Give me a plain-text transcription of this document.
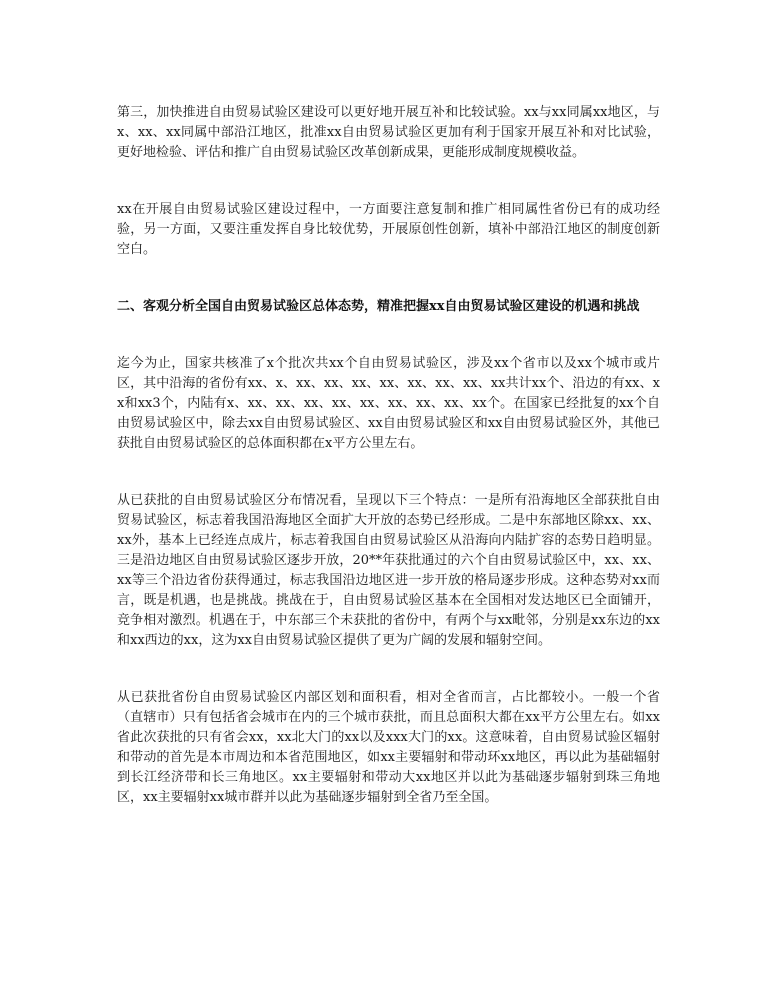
第三，加快推进自由贸易试验区建设可以更好地开展互补和比较试验。xx与xx同属xx地区，与x、xx、xx同属中部沿江地区，批准xx自由贸易试验区更加有利于国家开展互补和对比试验，更好地检验、评估和推广自由贸易试验区改革创新成果，更能形成制度规模收益。

xx在开展自由贸易试验区建设过程中，一方面要注意复制和推广相同属性省份已有的成功经验，另一方面，又要注重发挥自身比较优势，开展原创性创新，填补中部沿江地区的制度创新空白。

二、客观分析全国自由贸易试验区总体态势，精准把握xx自由贸易试验区建设的机遇和挑战

迄今为止，国家共核准了x个批次共xx个自由贸易试验区，涉及xx个省市以及xx个城市或片区，其中沿海的省份有xx、x、xx、xx、xx、xx、xx、xx、xx、xx共计xx个、沿边的有xx、xx和xx3个，内陆有x、xx、xx、xx、xx、xx、xx、xx、xx、xx个。在国家已经批复的xx个自由贸易试验区中，除去xx自由贸易试验区、xx自由贸易试验区和xx自由贸易试验区外，其他已获批自由贸易试验区的总体面积都在x平方公里左右。

从已获批的自由贸易试验区分布情况看，呈现以下三个特点：一是所有沿海地区全部获批自由贸易试验区，标志着我国沿海地区全面扩大开放的态势已经形成。二是中东部地区除xx、xx、xx外，基本上已经连点成片，标志着我国自由贸易试验区从沿海向内陆扩容的态势日趋明显。三是沿边地区自由贸易试验区逐步开放，20**年获批通过的六个自由贸易试验区中，xx、xx、xx等三个沿边省份获得通过，标志我国沿边地区进一步开放的格局逐步形成。这种态势对xx而言，既是机遇，也是挑战。挑战在于，自由贸易试验区基本在全国相对发达地区已全面铺开，竞争相对激烈。机遇在于，中东部三个未获批的省份中，有两个与xx毗邻，分别是xx东边的xx和xx西边的xx，这为xx自由贸易试验区提供了更为广阔的发展和辐射空间。

从已获批省份自由贸易试验区内部区划和面积看，相对全省而言，占比都较小。一般一个省（直辖市）只有包括省会城市在内的三个城市获批，而且总面积大都在xx平方公里左右。如xx省此次获批的只有省会xx，xx北大门的xx以及xxx大门的xx。这意味着，自由贸易试验区辐射和带动的首先是本市周边和本省范围地区，如xx主要辐射和带动环xx地区，再以此为基础辐射到长江经济带和长三角地区。xx主要辐射和带动大xx地区并以此为基础逐步辐射到珠三角地区，xx主要辐射xx城市群并以此为基础逐步辐射到全省乃至全国。
